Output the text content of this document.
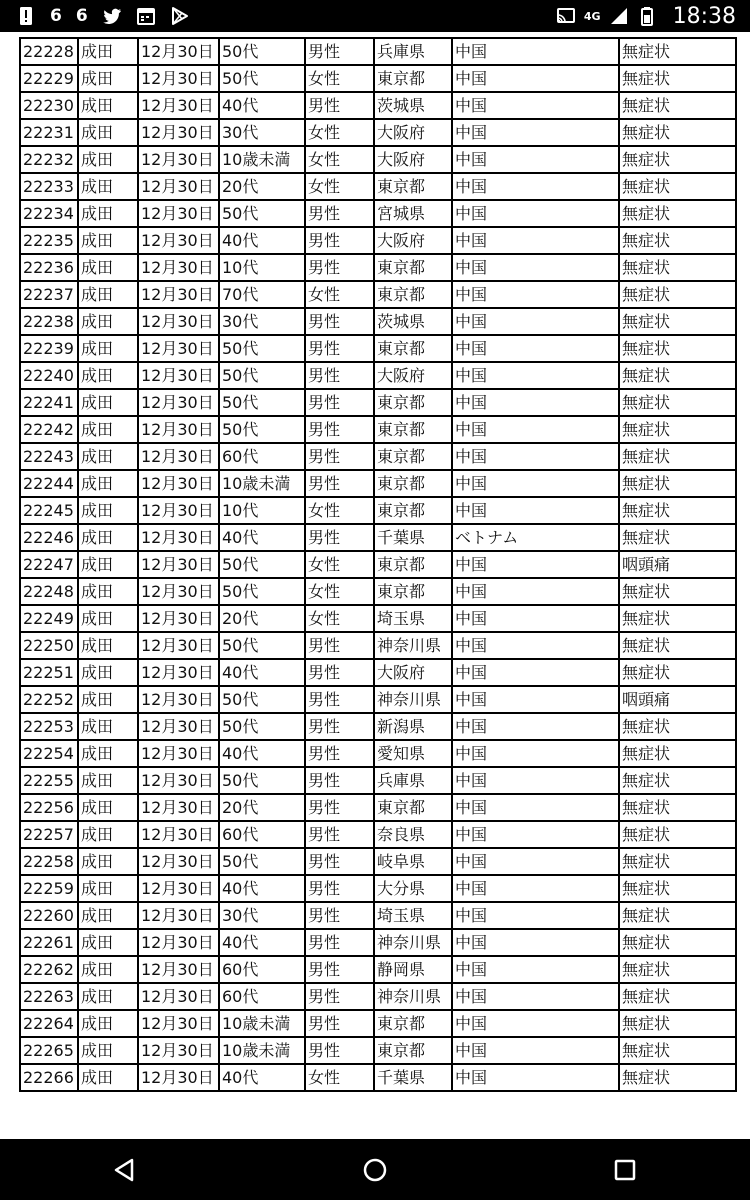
6 6	4G	18:38
22228	成田	12月30日	50代	男性	兵庫県	中国	無症状
22229	成田	12月30日	50代	女性	東京都	中国	無症状
22230	成田	12月30日	40代	男性	茨城県	中国	無症状
22231	成田	12月30日	30代	女性	大阪府	中国	無症状
22232	成田	12月30日	10歳未満	女性	大阪府	中国	無症状
22233	成田	12月30日	20代	女性	東京都	中国	無症状
22234	成田	12月30日	50代	男性	宮城県	中国	無症状
22235	成田	12月30日	40代	男性	大阪府	中国	無症状
22236	成田	12月30日	10代	男性	東京都	中国	無症状
22237	成田	12月30日	70代	女性	東京都	中国	無症状
22238	成田	12月30日	30代	男性	茨城県	中国	無症状
22239	成田	12月30日	50代	男性	東京都	中国	無症状
22240	成田	12月30日	50代	男性	大阪府	中国	無症状
22241	成田	12月30日	50代	男性	東京都	中国	無症状
22242	成田	12月30日	50代	男性	東京都	中国	無症状
22243	成田	12月30日	60代	男性	東京都	中国	無症状
22244	成田	12月30日	10歳未満	男性	東京都	中国	無症状
22245	成田	12月30日	10代	女性	東京都	中国	無症状
22246	成田	12月30日	40代	男性	千葉県	ベトナム	無症状
22247	成田	12月30日	50代	女性	東京都	中国	咽頭痛
22248	成田	12月30日	50代	女性	東京都	中国	無症状
22249	成田	12月30日	20代	女性	埼玉県	中国	無症状
22250	成田	12月30日	50代	男性	神奈川県	中国	無症状
22251	成田	12月30日	40代	男性	大阪府	中国	無症状
22252	成田	12月30日	50代	男性	神奈川県	中国	咽頭痛
22253	成田	12月30日	50代	男性	新潟県	中国	無症状
22254	成田	12月30日	40代	男性	愛知県	中国	無症状
22255	成田	12月30日	50代	男性	兵庫県	中国	無症状
22256	成田	12月30日	20代	男性	東京都	中国	無症状
22257	成田	12月30日	60代	男性	奈良県	中国	無症状
22258	成田	12月30日	50代	男性	岐阜県	中国	無症状
22259	成田	12月30日	40代	男性	大分県	中国	無症状
22260	成田	12月30日	30代	男性	埼玉県	中国	無症状
22261	成田	12月30日	40代	男性	神奈川県	中国	無症状
22262	成田	12月30日	60代	男性	静岡県	中国	無症状
22263	成田	12月30日	60代	男性	神奈川県	中国	無症状
22264	成田	12月30日	10歳未満	男性	東京都	中国	無症状
22265	成田	12月30日	10歳未満	男性	東京都	中国	無症状
22266	成田	12月30日	40代	女性	千葉県	中国	無症状
